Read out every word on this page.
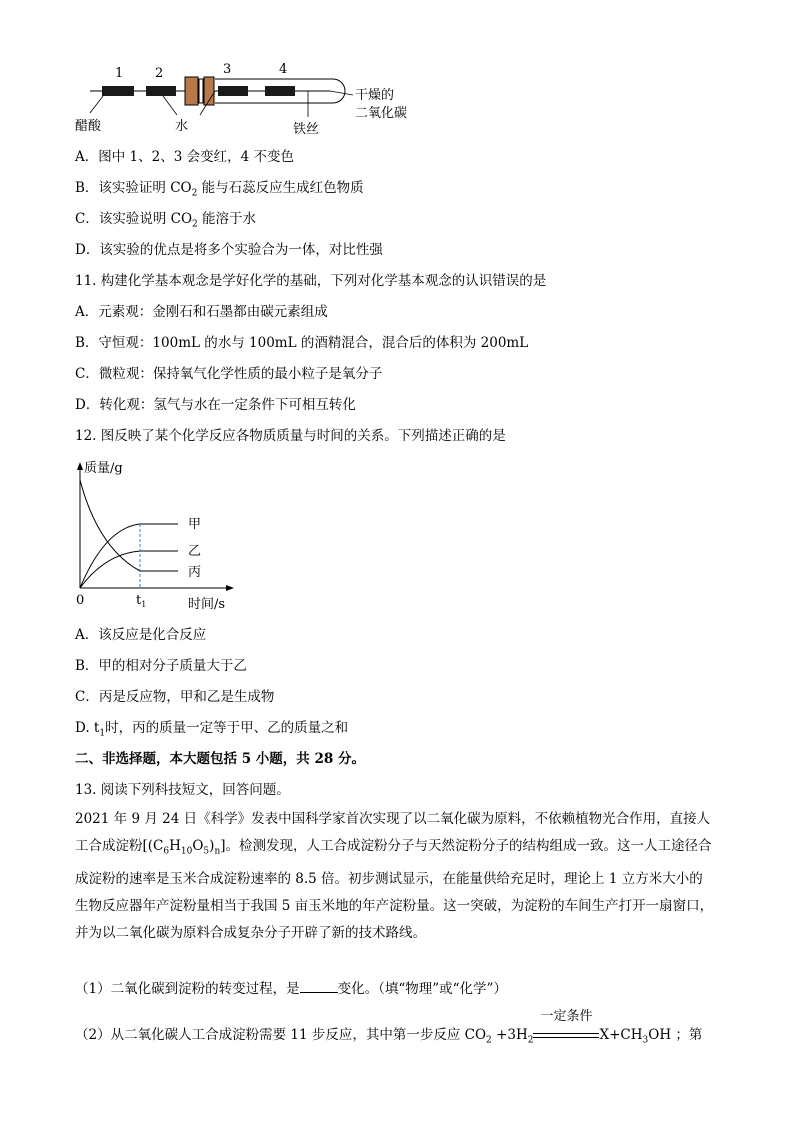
1 2	3	4
醋酸	水	铁丝
干燥的
二氧化碳
A．图中 1、2、3 会变红，4 不变色
B．该实验证明 $CO_2$ 能与石蕊反应生成红色物质
C．该实验说明 $CO_2$ 能溶于水
D．该实验的优点是将多个实验合为一体，对比性强
11. 构建化学基本观念是学好化学的基础，下列对化学基本观念的认识错误的是
A．元素观：金刚石和石墨都由碳元素组成
B．守恒观：100mL 的水与 100mL 的酒精混合，混合后的体积为 200mL
C．微粒观：保持氧气化学性质的最小粒子是氧分子
D．转化观：氢气与水在一定条件下可相互转化
12. 图反映了某个化学反应各物质质量与时间的关系。下列描述正确的是
质量/g
时间/s
0	$t_1$
甲
乙
丙
A．该反应是化合反应
B．甲的相对分子质量大于乙
C．丙是反应物，甲和乙是生成物
D. $t_1$时，丙的质量一定等于甲、乙的质量之和
二、非选择题，本大题包括 5 小题，共 28 分。
13. 阅读下列科技短文，回答问题。
2021 年 9 月 24 日《科学》发表中国科学家首次实现了以二氧化碳为原料，不依赖植物光合作用，直接人工合成淀粉$[(C_6H_{10}O_5)_n]$。检测发现，人工合成淀粉分子与天然淀粉分子的结构组成一致。这一人工途径合成淀粉的速率是玉米合成淀粉速率的 8.5 倍。初步测试显示，在能量供给充足时，理论上 1 立方米大小的生物反应器年产淀粉量相当于我国 5 亩玉米地的年产淀粉量。这一突破，为淀粉的车间生产打开一扇窗口，并为以二氧化碳为原料合成复杂分子开辟了新的技术路线。
（1）二氧化碳到淀粉的转变过程，是	变化。（填“物理”或“化学”）
（2）从二氧化碳人工合成淀粉需要 11 步反应，其中第一步反应 $CO_2 +3H_2$
一定条件
$X+CH_3OH$ ；第
